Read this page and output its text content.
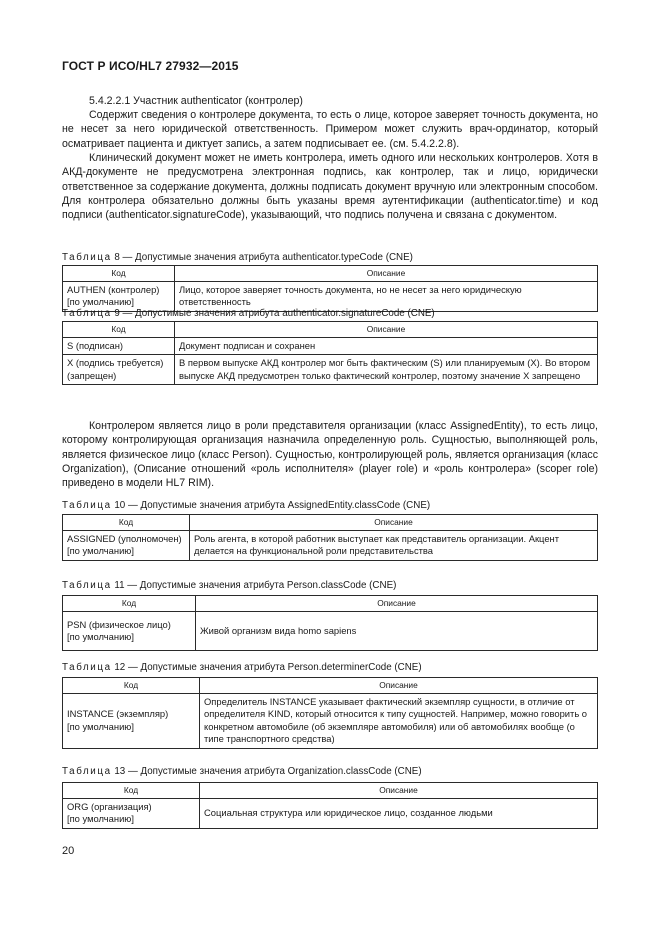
ГОСТ Р ИСО/HL7 27932—2015

5.4.2.2.1 Участник authenticator (контролер)

Содержит сведения о контролере документа, то есть о лице, которое заверяет точность документа, но не несет за него юридической ответственность. Примером может служить врач-ординатор, который осматривает пациента и диктует запись, а затем подписывает ее. (см. 5.4.2.2.8).

Клинический документ может не иметь контролера, иметь одного или нескольких контролеров. Хотя в АКД-документе не предусмотрена электронная подпись, как контролер, так и лицо, юридически ответственное за содержание документа, должны подписать документ вручную или электронным способом. Для контролера обязательно должны быть указаны время аутентификации (authenticator.time) и код подписи (authenticator.signatureCode), указывающий, что подпись получена и связана с документом.

Таблица 8 — Допустимые значения атрибута authenticator.typeCode (CNE)
Код	Описание
AUTHEN (контролер)
[по умолчанию]	Лицо, которое заверяет точность документа, но не несет за него юридическую ответственность
Таблица 9 — Допустимые значения атрибута authenticator.signatureCode (CNE)
Код	Описание
S (подписан)	Документ подписан и сохранен
X (подпись требуется)
(запрещен)	В первом выпуске АКД контролер мог быть фактическим (S) или планируемым (X). Во втором выпуске АКД предусмотрен только фактический контролер, поэтому значение X запрещено

Контролером является лицо в роли представителя организации (класс AssignedEntity), то есть лицо, которому контролирующая организация назначила определенную роль. Сущностью, выполняющей роль, является физическое лицо (класс Person). Сущностью, контролирующей роль, является организация (класс Organization), (Описание отношений «роль исполнителя» (player role) и «роль контролера» (scoper role) приведено в модели HL7 RIM).

Таблица 10 — Допустимые значения атрибута AssignedEntity.classCode (CNE)
Код	Описание
ASSIGNED (уполномочен)
[по умолчанию]	Роль агента, в которой работник выступает как представитель организации. Акцент делается на функциональной роли представительства
Таблица 11 — Допустимые значения атрибута Person.classCode (CNE)
Код	Описание
PSN (физическое лицо)
[по умолчанию]	Живой организм вида homo sapiens
Таблица 12 — Допустимые значения атрибута Person.determinerCode (CNE)
Код	Описание
INSTANCE (экземпляр)
[по умолчанию]	Определитель INSTANCE указывает фактический экземпляр сущности, в отличие от определителя KIND, который относится к типу сущностей. Например, можно говорить о конкретном автомобиле (об экземпляре автомобиля) или об автомобилях вообще (о типе транспортного средства)
Таблица 13 — Допустимые значения атрибута Organization.classCode (CNE)
Код	Описание
ORG (организация)
[по умолчанию]	Социальная структура или юридическое лицо, созданное людьми
20
